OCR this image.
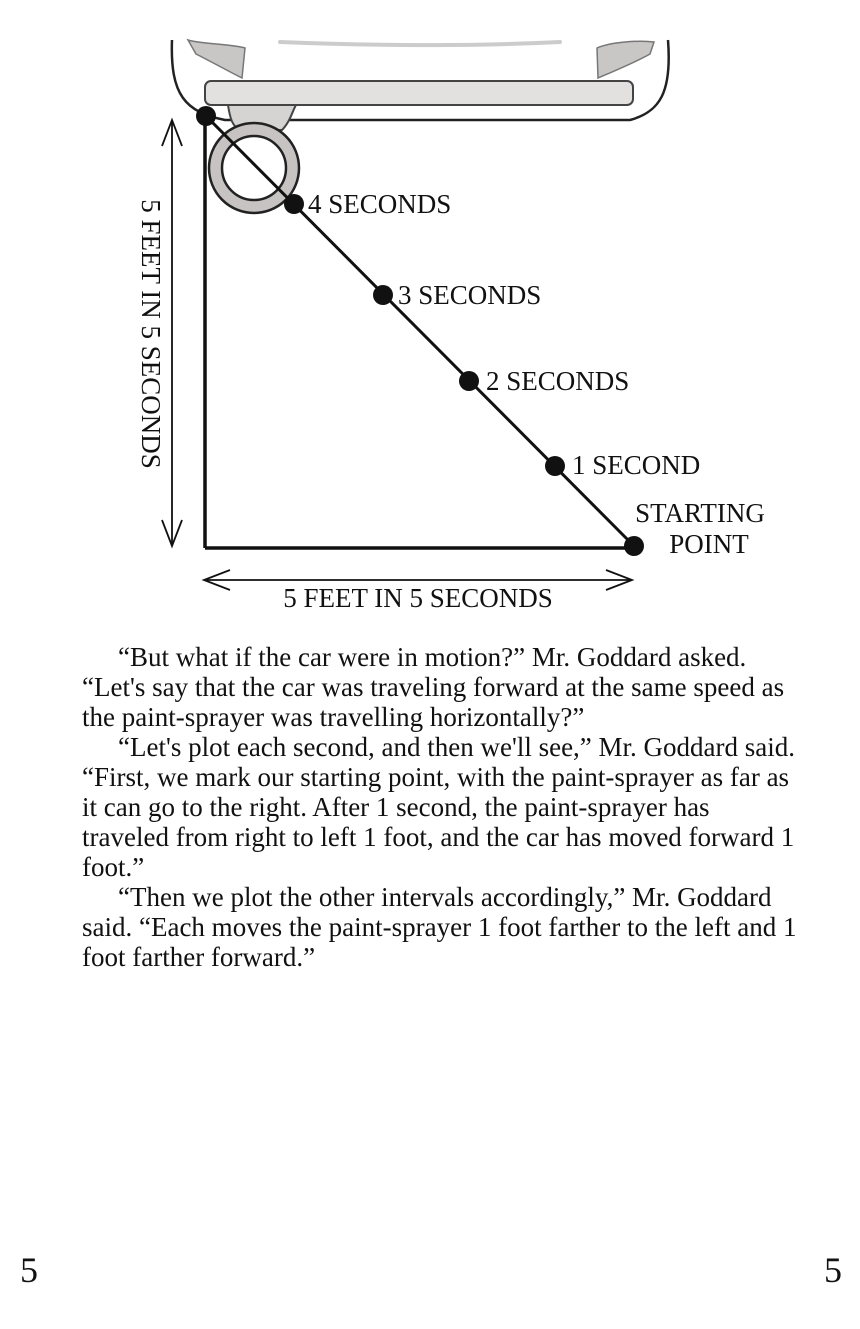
4 SECONDS
3 SECONDS
2 SECONDS
1 SECOND
STARTING
POINT
5 FEET IN 5 SECONDS
5 FEET IN 5 SECONDS

“But what if the car were in motion?” Mr. Goddard asked. “Let's say that the car was traveling forward at the same speed as the paint-sprayer was travelling horizontally?”

“Let's plot each second, and then we'll see,” Mr. Goddard said. “First, we mark our starting point, with the paint-sprayer as far as it can go to the right. After 1 second, the paint-sprayer has traveled from right to left 1 foot, and the car has moved forward 1 foot.”

“Then we plot the other intervals accordingly,” Mr. Goddard said. “Each moves the paint-sprayer 1 foot farther to the left and 1 foot farther forward.”

5	5
